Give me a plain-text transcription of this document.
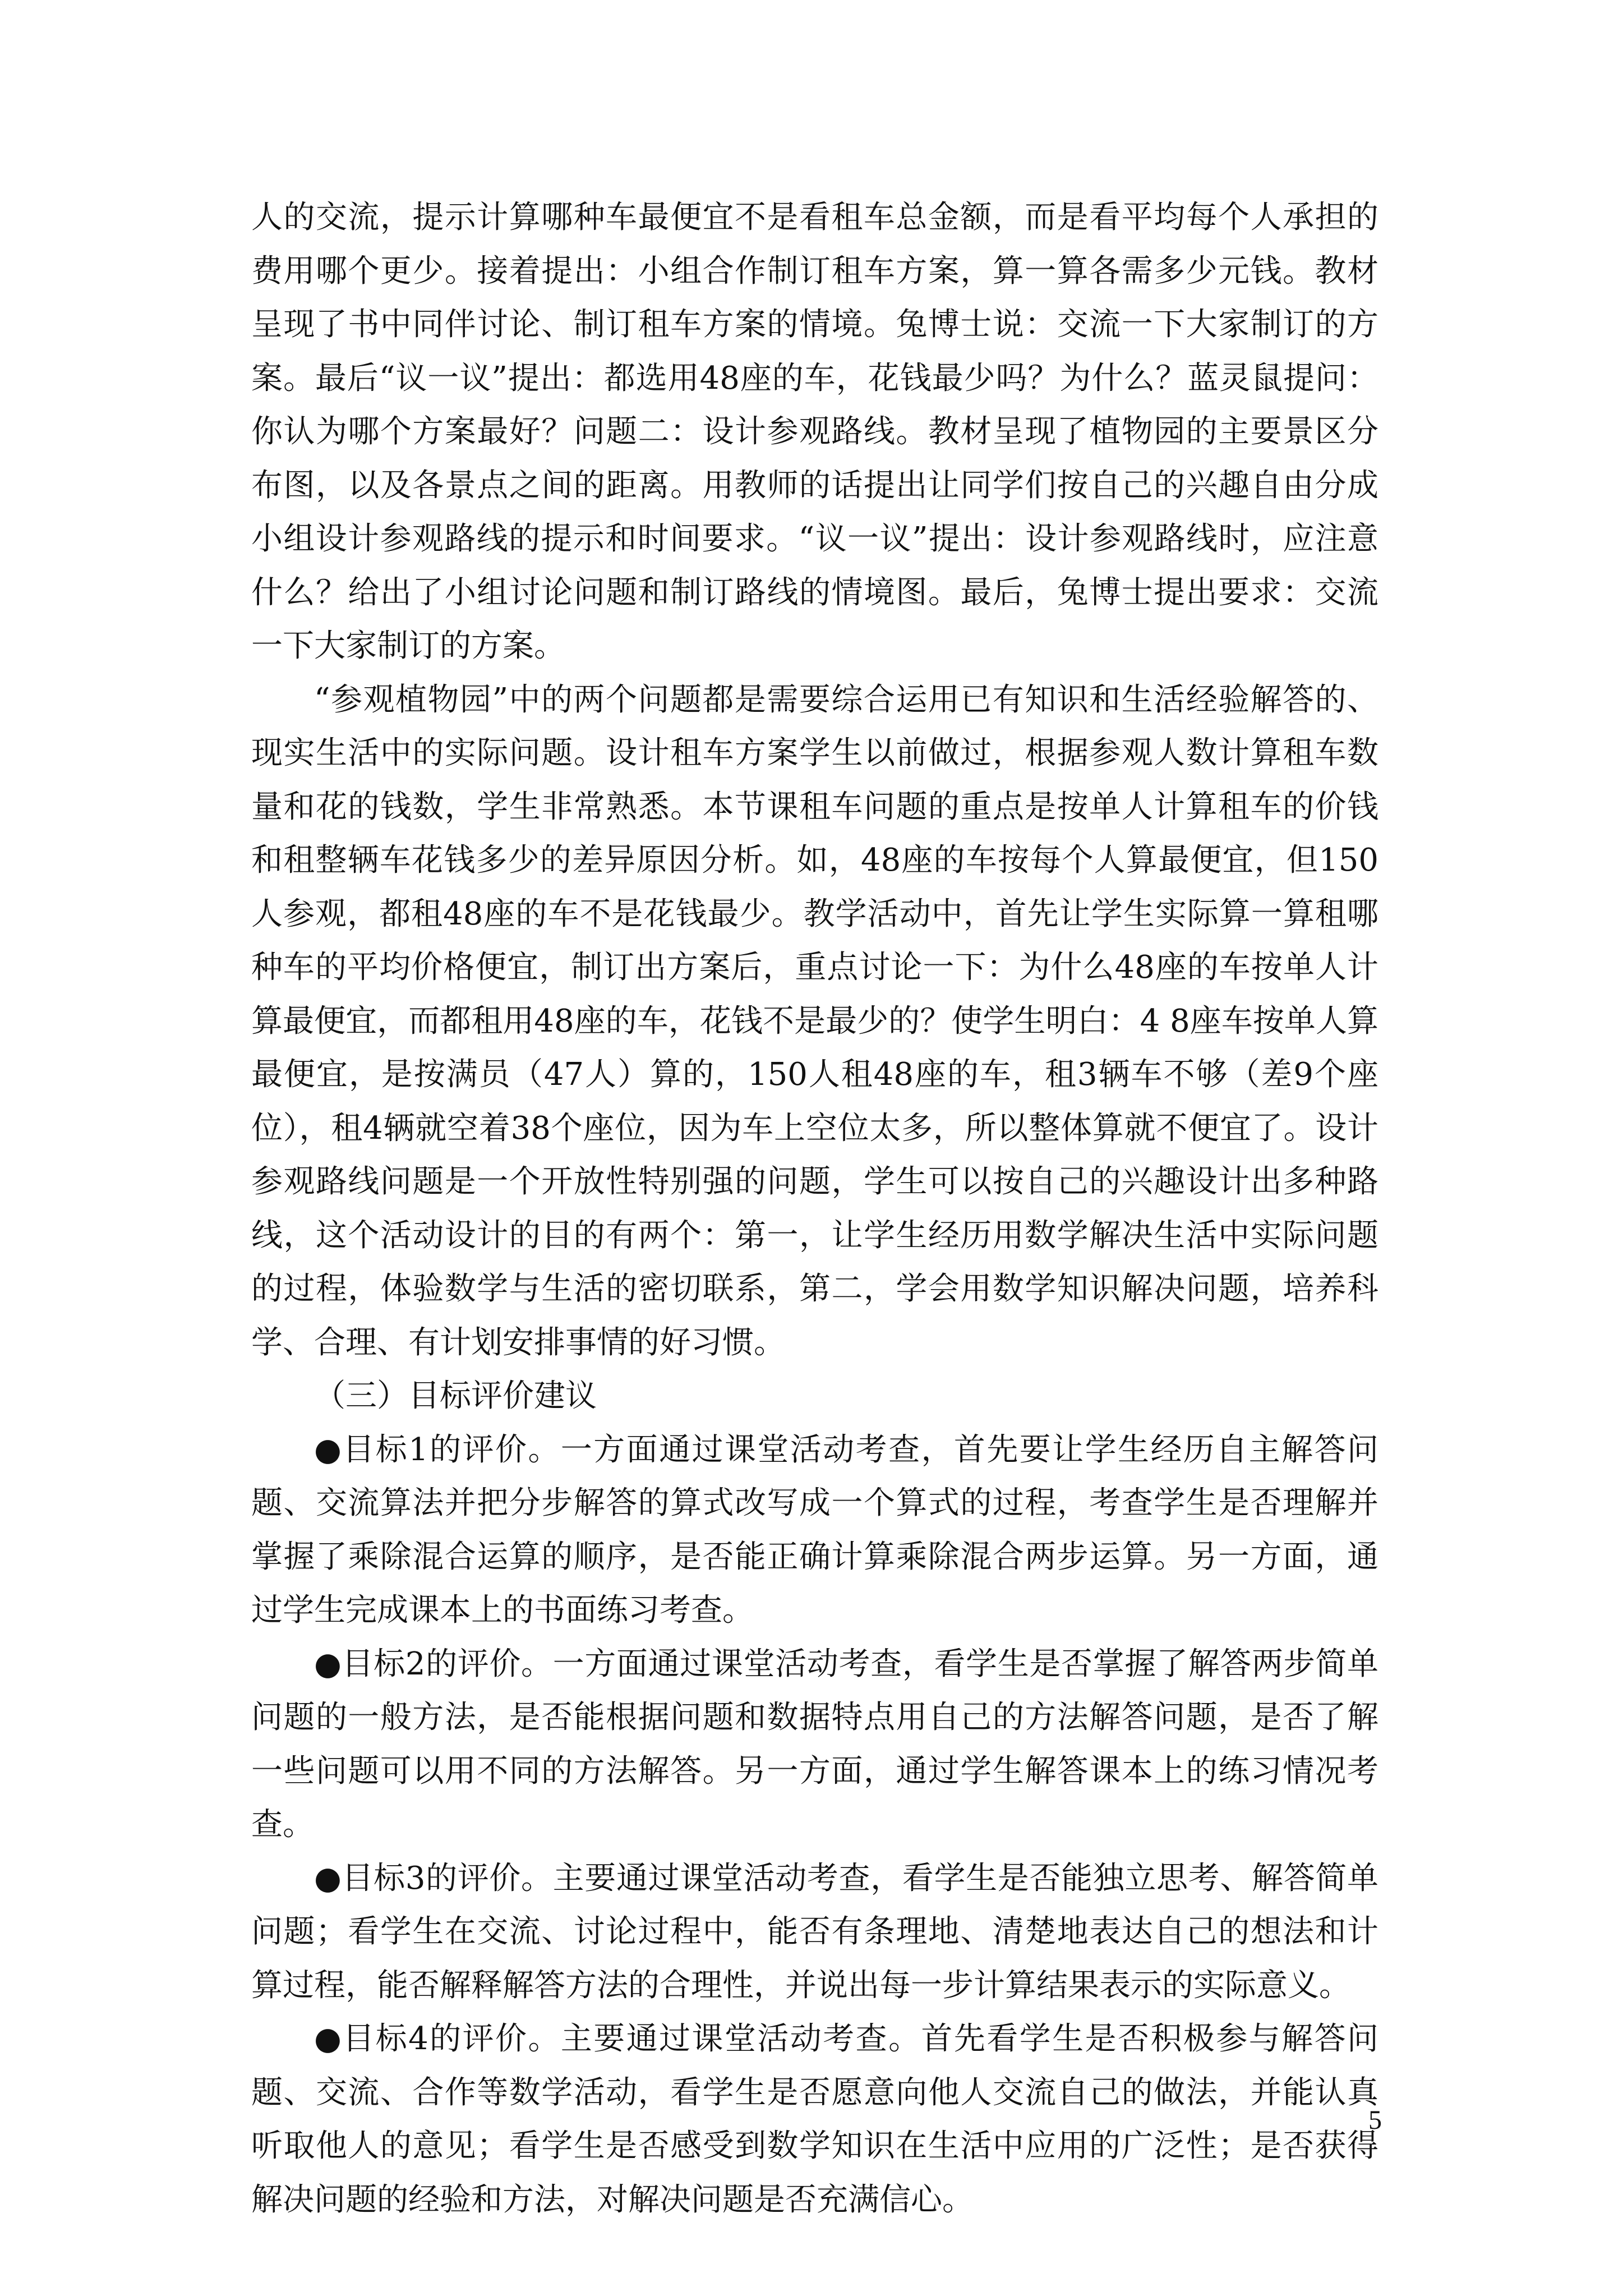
人的交流，提示计算哪种车最便宜不是看租车总金额，而是看平均每个人承担的费用哪个更少。接着提出：小组合作制订租车方案，算一算各需多少元钱。教材呈现了书中同伴讨论、制订租车方案的情境。兔博士说：交流一下大家制订的方案。最后“议一议”提出：都选用48座的车，花钱最少吗？为什么？蓝灵鼠提问：你认为哪个方案最好？问题二：设计参观路线。教材呈现了植物园的主要景区分布图，以及各景点之间的距离。用教师的话提出让同学们按自己的兴趣自由分成小组设计参观路线的提示和时间要求。“议一议”提出：设计参观路线时，应注意什么？给出了小组讨论问题和制订路线的情境图。最后，兔博士提出要求：交流一下大家制订的方案。

“参观植物园”中的两个问题都是需要综合运用已有知识和生活经验解答的、现实生活中的实际问题。设计租车方案学生以前做过，根据参观人数计算租车数量和花的钱数，学生非常熟悉。本节课租车问题的重点是按单人计算租车的价钱和租整辆车花钱多少的差异原因分析。如，48座的车按每个人算最便宜，但150人参观，都租48座的车不是花钱最少。教学活动中，首先让学生实际算一算租哪种车的平均价格便宜，制订出方案后，重点讨论一下：为什么48座的车按单人计算最便宜，而都租用48座的车，花钱不是最少的？使学生明白：4 8座车按单人算最便宜，是按满员（47人）算的，150人租48座的车，租3辆车不够（差9个座位），租4辆就空着38个座位，因为车上空位太多，所以整体算就不便宜了。设计参观路线问题是一个开放性特别强的问题，学生可以按自己的兴趣设计出多种路线，这个活动设计的目的有两个：第一，让学生经历用数学解决生活中实际问题的过程，体验数学与生活的密切联系，第二，学会用数学知识解决问题，培养科学、合理、有计划安排事情的好习惯。

（三）目标评价建议

●目标1的评价。一方面通过课堂活动考查，首先要让学生经历自主解答问题、交流算法并把分步解答的算式改写成一个算式的过程，考查学生是否理解并掌握了乘除混合运算的顺序，是否能正确计算乘除混合两步运算。另一方面，通过学生完成课本上的书面练习考查。

●目标2的评价。一方面通过课堂活动考查，看学生是否掌握了解答两步简单问题的一般方法，是否能根据问题和数据特点用自己的方法解答问题，是否了解一些问题可以用不同的方法解答。另一方面，通过学生解答课本上的练习情况考查。

●目标3的评价。主要通过课堂活动考查，看学生是否能独立思考、解答简单问题；看学生在交流、讨论过程中，能否有条理地、清楚地表达自己的想法和计算过程，能否解释解答方法的合理性，并说出每一步计算结果表示的实际意义。

●目标4的评价。主要通过课堂活动考查。首先看学生是否积极参与解答问题、交流、合作等数学活动，看学生是否愿意向他人交流自己的做法，并能认真听取他人的意见；看学生是否感受到数学知识在生活中应用的广泛性；是否获得解决问题的经验和方法，对解决问题是否充满信心。

5
